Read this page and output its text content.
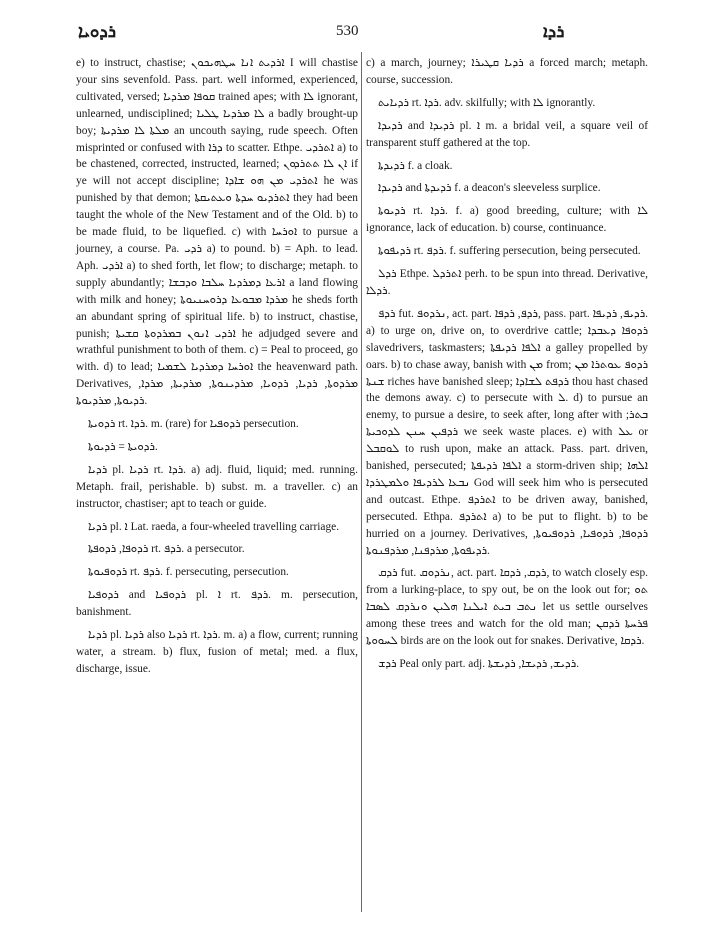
ܪܕܘܝܐ	530	ܪܕܐ

e) to instruct, chastise; ܐܪܕܝܬ ܐܢܐ ܚܛܗܝܟܘܢ I will chastise your sins sevenfold. Pass. part. well informed, experienced, cultivated, versed; ܩܘܦܐ ܡܪܕܝܐ trained apes; with ܠܐ ignorant, unlearned, undisciplined; ܠܐ ܡܪܕܝܐ ܛܠܝܐ a badly brought-up boy; ܡܠܬܐ ܠܐ ܡܪܕܝܬܐ an uncouth saying, rude speech. Often misprinted or confused with ܕܪܐ to scatter. Ethpe. ܐܬܪܕܝ a) to be chastened, corrected, instructed, learned; ܐܢ ܠܐ ܬܬܪܕܘܢ if ye will not accept discipline; ܐܬܪܕܝ ܡܢ ܗܘ ܫܐܕܐ he was punished by that demon; ܐܬܪܕܝܘ ܚܕܬܐ ܘܥܬܝܩܬܐ they had been taught the whole of the New Testament and of the Old. b) to be made fluid, to be liquefied. c) with ܐܘܪܚܐ to pursue a journey, a course. Pa. ܪܕܝ a) to pound. b) = Aph. to lead. Aph. ܐܪܕܝ a) to shed forth, let flow; to discharge; metaph. to supply abundantly; ܐܪܥܐ ܕܡܪܕܝܐ ܚܠܒܐ ܘܕܒܫܐ a land flowing with milk and honey; ܡܪܕܐ ܡܒܘܥܐ ܕܪܘܚܢܝܘܬܐ he sheds forth an abundant spring of spiritual life. b) to instruct, chastise, punish; ܐܪܕܝ ܐܢܘܢ ܒܡܪܕܘܬܐ ܩܫܝܬܐ he adjudged severe and wrathful punishment to both of them. c) = Peal to proceed, go with. d) to lead; ܐܘܪܚܐ ܕܡܪܕܝܐ ܠܫܡܝܐ the heavenward path. Derivatives, ܡܪܕܘܬܐ, ܪܕܝܐ, ܪܕܘܝܐ, ܡܪܕܝܢܘܬܐ, ܡܪܕܝܬܐ, ܡܪܕܐ, ܪܕܝܘܬܐ, ܡܪܕܝܘܬܐ.

ܪܕܘܝܬܐ rt. ܪܕܐ. m. (rare) for ܪܕܘܦܝܐ persecution.

ܪܕܘܝܬܐ = ܪܕܝܘܬܐ.

ܪܕܝܐ pl. ܪܕܝܐ rt. ܪܕܐ. a) adj. fluid, liquid; med. running. Metaph. frail, perishable. b) subst. m. a traveller. c) an instructor, chastiser; apt to teach or guide.

ܪܕܝܐ pl. ܐ Lat. raeda, a four-wheeled travelling carriage.

ܪܕܘܦܐ, ܪܕܘܦܬܐ rt. ܪܕܦ. a persecutor.

ܪܕܘܦܝܘܬܐ rt. ܪܕܦ. f. persecuting, persecution.

ܪܕܘܦܝܐ and ܪܕܘܦܝܐ pl. ܐ rt. ܪܕܦ. m. persecution, banishment.

ܪܕܝܐ pl. ܪܕܝܐ also ܪܕܝܐ rt. ܪܕܐ. m. a) a flow, current; running water, a stream. b) flux, fusion of metal; med. a flux, discharge, issue.

c) a march, journey; ܪܕܝܐ ܩܛܝܪܐ a forced march; metaph. course, succession.

ܪܕܝܐܝܬ rt. ܪܕܐ. adv. skilfully; with ܠܐ ignorantly.

ܪܕܝܕܐ and ܪܕܝܕܐ pl. ܐ m. a bridal veil, a square veil of transparent stuff gathered at the top.

ܪܕܝܕܬܐ f. a cloak.

ܪܕܝܕܐ and ܪܕܝܕܬܐ f. a deacon's sleeveless surplice.

ܪܕܝܘܬܐ rt. ܪܕܐ. f. a) good breeding, culture; with ܠܐ ignorance, lack of education. b) course, continuance.

ܪܕܝܦܘܬܐ rt. ܪܕܦ. f. suffering persecution, being persecuted.

ܪܕܠ Ethpe. ܐܬܪܕܠ perh. to be spun into thread. Derivative, ܪܕܠܐ.

ܪܕܦ fut. ܢܪܕܘܦ, act. part. ܪܕܦ, ܪܕܦܐ, pass. part. ܪܕܝܦ, ܪܕܝܦܐ. a) to urge on, drive on, to overdrive cattle; ܪܕܘܦܐ ܕܥܒܕܐ slavedrivers, taskmasters; ܐܠܦܐ ܪܕܝܦܬܐ a galley propelled by oars. b) to chase away, banish with ܡܢ from; ܪܕܘܦ ܥܘܬܪܐ ܡܢ ܫܢܬܐ riches have banished sleep; ܪܕܦܬ ܠܫܐܕܐ thou hast chased the demons away. c) to persecute with ܠ. d) to pursue an enemy, to pursue a desire, to seek after, long after with ܒܬܪ; ܪܕܦܝܢ ܚܢܢ ܠܕܘܟܝܬܐ we seek waste places. e) with ܥܠ or ܠܘܩܒܠ to rush upon, make an attack. Pass. part. driven, banished, persecuted; ܐܠܦܐ ܪܕܝܦܬܐ a storm-driven ship; ܐܠܗܐ ܢܒܥܐ ܠܪܕܝܦܐ ܘܠܡܛܪܕܐ God will seek him who is persecuted and outcast. Ethpe. ܐܬܪܕܦ to be driven away, banished, persecuted. Ethpa. ܐܬܪܕܦ a) to be put to flight. b) to be hurried on a journey. Derivatives, ܪܕܘܦܐ, ܪܕܘܦܝܐ, ܪܕܘܦܝܘܬܐ, ܪܕܝܦܘܬܐ, ܡܪܕܦܢܐ, ܡܪܕܦܢܘܬܐ.

ܪܕܩ fut. ܢܪܕܘܩ, act. part. ܪܕܩ, ܪܕܩܐ, to watch closely esp. from a lurking-place, to spy out, be on the look out for; ܬܘ ܢܬܒ ܒܝܬ ܐܝܠܢܐ ܗܠܝܢ ܘܢܪܕܩ ܠܣܒܐ let us settle ourselves among these trees and watch for the old man; ܦܪܚܬܐ ܪܕܩܢ ܠܚܘܘܬܐ birds are on the look out for snakes. Derivative, ܪܕܩܐ.

ܪܕܫ Peal only part. adj. ܪܕܝܫ, ܪܕܝܫܐ, ܪܕܝܫܬܐ.
